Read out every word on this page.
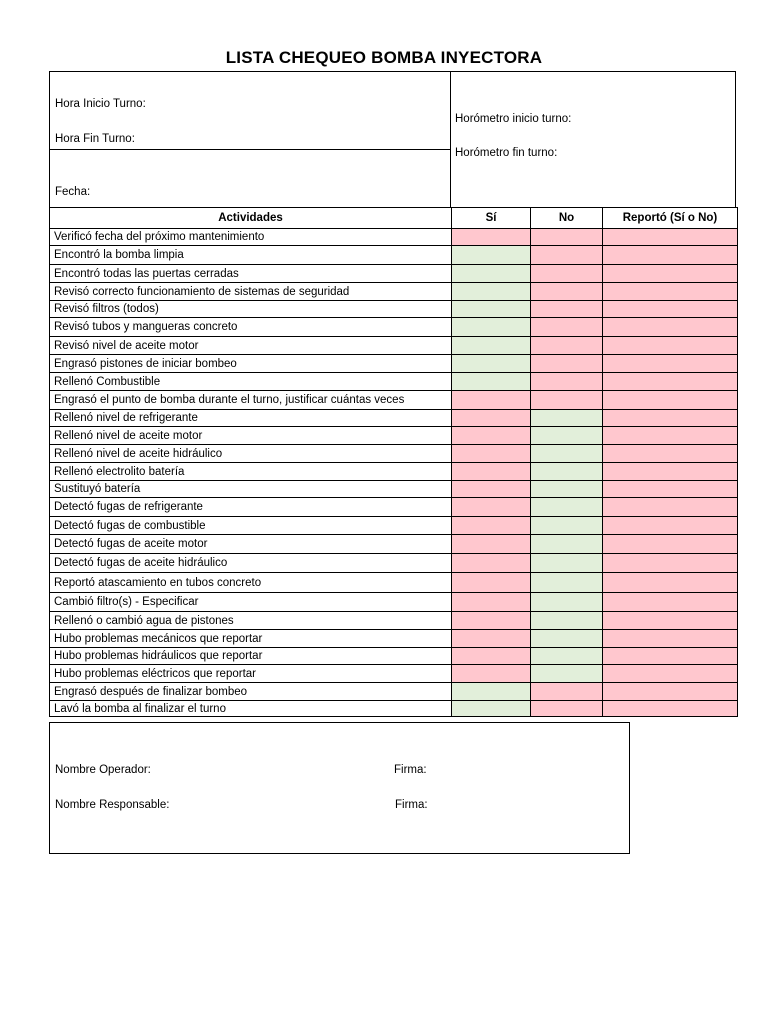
LISTA CHEQUEO BOMBA INYECTORA
Hora Inicio Turno:
Hora Fin Turno:
Fecha:
Horómetro inicio turno:
Horómetro fin turno:
Actividades	Sí	No	Reportó (Sí o No)
Verificó fecha del próximo mantenimiento			
Encontró la bomba limpia			
Encontró todas las puertas cerradas			
Revisó correcto funcionamiento de sistemas de seguridad			
Revisó filtros (todos)			
Revisó tubos y mangueras concreto			
Revisó nivel de aceite motor			
Engrasó pistones de iniciar bombeo			
Rellenó Combustible			
Engrasó el punto de bomba durante el turno, justificar cuántas veces			
Rellenó nivel de refrigerante			
Rellenó nivel de aceite motor			
Rellenó nivel de aceite hidráulico			
Rellenó electrolito batería			
Sustituyó batería			
Detectó fugas de refrigerante			
Detectó fugas de combustible			
Detectó fugas de aceite motor			
Detectó fugas de aceite hidráulico			
Reportó atascamiento en tubos concreto			
Cambió filtro(s) - Especificar			
Rellenó o cambió agua de pistones			
Hubo problemas mecánicos que reportar			
Hubo problemas hidráulicos que reportar			
Hubo problemas eléctricos que reportar			
Engrasó después de finalizar bombeo			
Lavó la bomba al finalizar el turno			
Nombre Operador:	Firma:
Nombre Responsable:	Firma:
